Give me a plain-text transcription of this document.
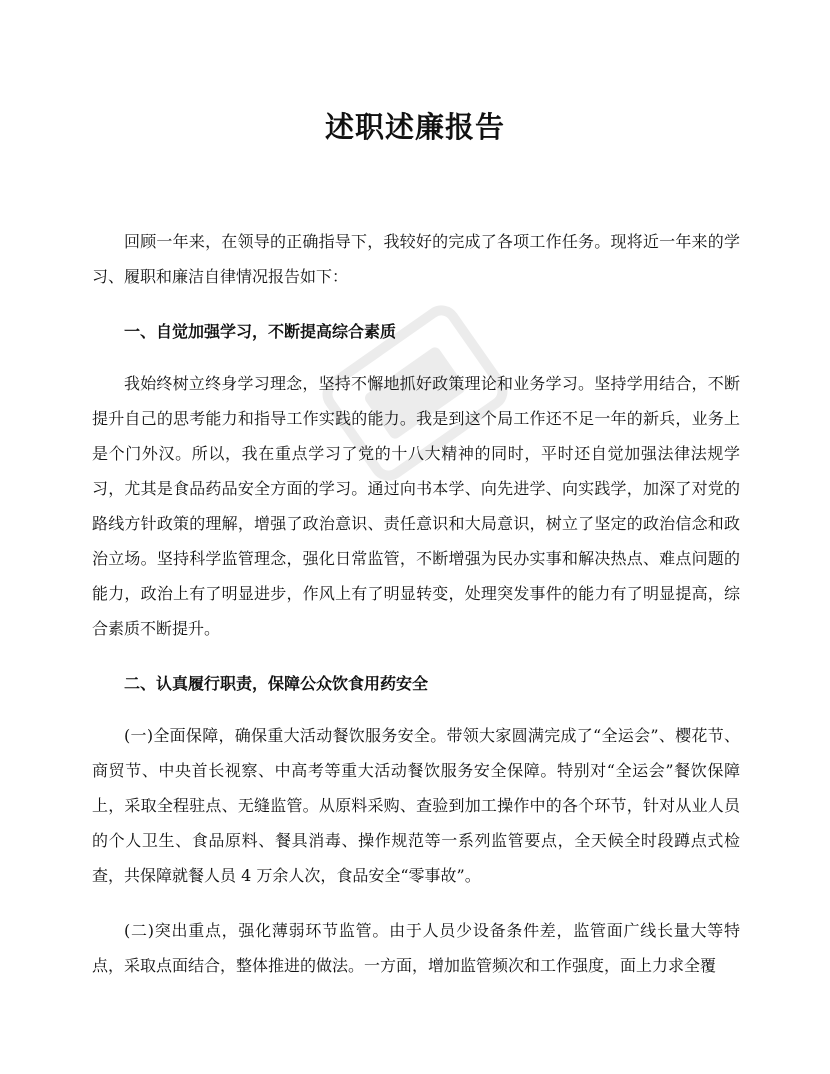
述职述廉报告

回顾一年来，在领导的正确指导下，我较好的完成了各项工作任务。现将近一年来的学习、履职和廉洁自律情况报告如下：

一、自觉加强学习，不断提高综合素质

我始终树立终身学习理念，坚持不懈地抓好政策理论和业务学习。坚持学用结合，不断提升自己的思考能力和指导工作实践的能力。我是到这个局工作还不足一年的新兵，业务上是个门外汉。所以，我在重点学习了党的十八大精神的同时，平时还自觉加强法律法规学习，尤其是食品药品安全方面的学习。通过向书本学、向先进学、向实践学，加深了对党的路线方针政策的理解，增强了政治意识、责任意识和大局意识，树立了坚定的政治信念和政治立场。坚持科学监管理念，强化日常监管，不断增强为民办实事和解决热点、难点问题的能力，政治上有了明显进步，作风上有了明显转变，处理突发事件的能力有了明显提高，综合素质不断提升。

二、认真履行职责，保障公众饮食用药安全

(一)全面保障，确保重大活动餐饮服务安全。带领大家圆满完成了“全运会”、樱花节、商贸节、中央首长视察、中高考等重大活动餐饮服务安全保障。特别对“全运会”餐饮保障上，采取全程驻点、无缝监管。从原料采购、查验到加工操作中的各个环节，针对从业人员的个人卫生、食品原料、餐具消毒、操作规范等一系列监管要点，全天候全时段蹲点式检查，共保障就餐人员 4 万余人次，食品安全“零事故”。

(二)突出重点，强化薄弱环节监管。由于人员少设备条件差，监管面广线长量大等特点，采取点面结合，整体推进的做法。一方面，增加监管频次和工作强度，面上力求全覆
